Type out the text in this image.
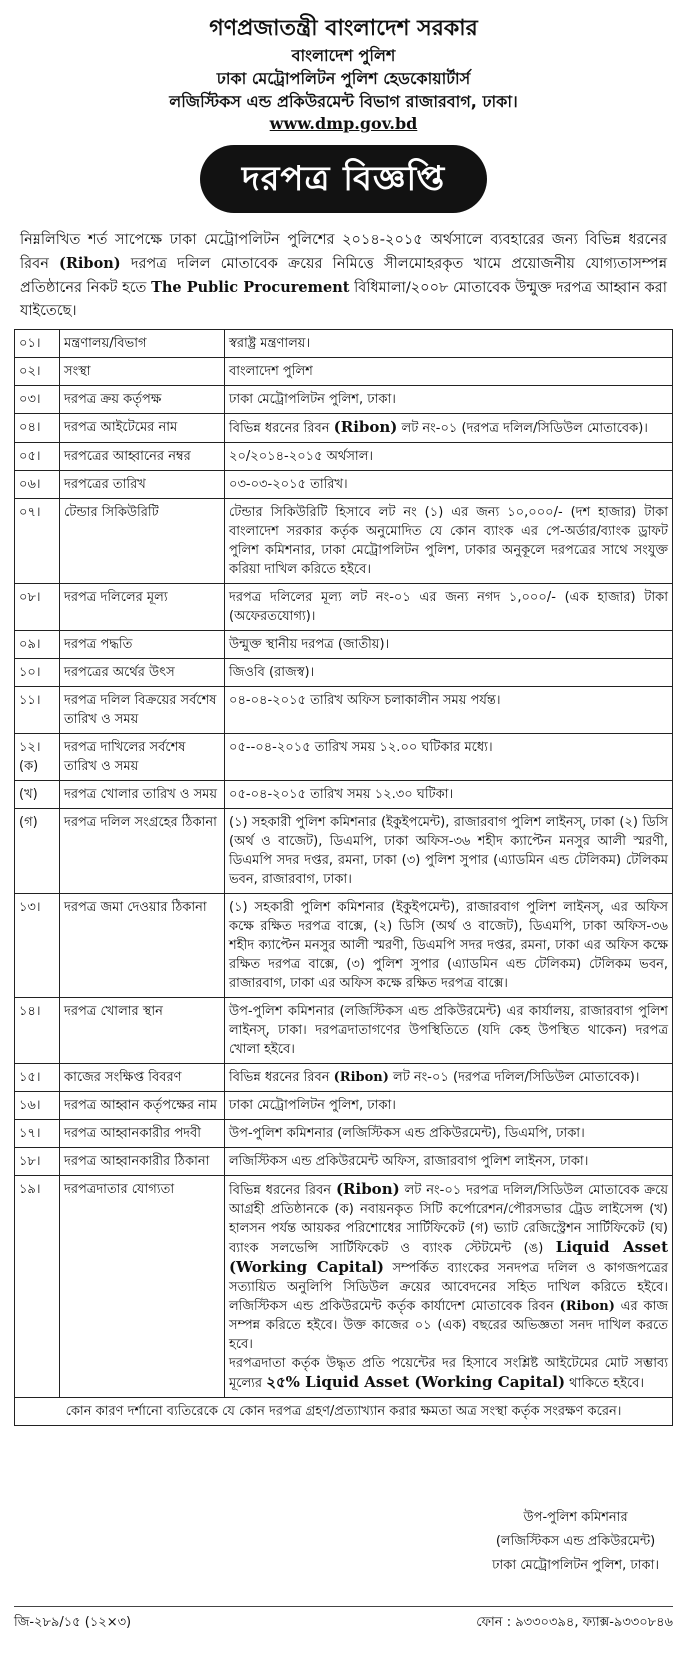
গণপ্রজাতন্ত্রী বাংলাদেশ সরকার
বাংলাদেশ পুলিশ
ঢাকা মেট্রোপলিটন পুলিশ হেডকোয়ার্টার্স
লজিস্টিকস এন্ড প্রকিউরমেন্ট বিভাগ রাজারবাগ, ঢাকা।
www.dmp.gov.bd
দরপত্র বিজ্ঞপ্তি
নিম্নলিখিত শর্ত সাপেক্ষে ঢাকা মেট্রোপলিটন পুলিশের ২০১৪-২০১৫ অর্থসালে ব্যবহারের জন্য বিভিন্ন ধরনের রিবন (Ribon) দরপত্র দলিল মোতাবেক ক্রয়ের নিমিত্তে সীলমোহরকৃত খামে প্রয়োজনীয় যোগ্যতাসম্পন্ন প্রতিষ্ঠানের নিকট হতে The Public Procurement বিধিমালা/২০০৮ মোতাবেক উন্মুক্ত দরপত্র আহ্বান করা যাইতেছে।
০১।	মন্ত্রণালয়/বিভাগ	স্বরাষ্ট্র মন্ত্রণালয়।
০২।	সংস্থা	বাংলাদেশ পুলিশ
০৩।	দরপত্র ক্রয় কর্তৃপক্ষ	ঢাকা মেট্রোপলিটন পুলিশ, ঢাকা।
০৪।	দরপত্র আইটেমের নাম	বিভিন্ন ধরনের রিবন (Ribon) লট নং-০১ (দরপত্র দলিল/সিডিউল মোতাবেক)।
০৫।	দরপত্রের আহ্বানের নম্বর	২০/২০১৪-২০১৫ অর্থসাল।
০৬।	দরপত্রের তারিখ	০৩-০৩-২০১৫ তারিখ।
০৭।	টেন্ডার সিকিউরিটি	টেন্ডার সিকিউরিটি হিসাবে লট নং (১) এর জন্য ১০,০০০/- (দশ হাজার) টাকা বাংলাদেশ সরকার কর্তৃক অনুমোদিত যে কোন ব্যাংক এর পে-অর্ডার/ব্যাংক ড্রাফট পুলিশ কমিশনার, ঢাকা মেট্রোপলিটন পুলিশ, ঢাকার অনুকূলে দরপত্রের সাথে সংযুক্ত করিয়া দাখিল করিতে হইবে।
০৮।	দরপত্র দলিলের মূল্য	দরপত্র দলিলের মূল্য লট নং-০১ এর জন্য নগদ ১,০০০/- (এক হাজার) টাকা (অফেরতযোগ্য)।
০৯।	দরপত্র পদ্ধতি	উন্মুক্ত স্থানীয় দরপত্র (জাতীয়)।
১০।	দরপত্রের অর্থের উৎস	জিওবি (রাজস্ব)।
১১।	দরপত্র দলিল বিক্রয়ের সর্বশেষ তারিখ ও সময়	০৪-০৪-২০১৫ তারিখ অফিস চলাকালীন সময় পর্যন্ত।
১২। (ক)	দরপত্র দাখিলের সর্বশেষ তারিখ ও সময়	০৫--০৪-২০১৫ তারিখ সময় ১২.০০ ঘটিকার মধ্যে।
(খ)	দরপত্র খোলার তারিখ ও সময়	০৫-০৪-২০১৫ তারিখ সময় ১২.৩০ ঘটিকা।
(গ)	দরপত্র দলিল সংগ্রহের ঠিকানা	(১) সহকারী পুলিশ কমিশনার (ইকুইপমেন্ট), রাজারবাগ পুলিশ লাইনস্, ঢাকা (২) ডিসি (অর্থ ও বাজেট), ডিএমপি, ঢাকা অফিস-৩৬ শহীদ ক্যাপ্টেন মনসুর আলী স্মরণী, ডিএমপি সদর দপ্তর, রমনা, ঢাকা (৩) পুলিশ সুপার (এ্যাডমিন এন্ড টেলিকম) টেলিকম ভবন, রাজারবাগ, ঢাকা।
১৩।	দরপত্র জমা দেওয়ার ঠিকানা	(১) সহকারী পুলিশ কমিশনার (ইকুইপমেন্ট), রাজারবাগ পুলিশ লাইনস্, এর অফিস কক্ষে রক্ষিত দরপত্র বাক্সে, (২) ডিসি (অর্থ ও বাজেট), ডিএমপি, ঢাকা অফিস-৩৬ শহীদ ক্যাপ্টেন মনসুর আলী স্মরণী, ডিএমপি সদর দপ্তর, রমনা, ঢাকা এর অফিস কক্ষে রক্ষিত দরপত্র বাক্সে, (৩) পুলিশ সুপার (এ্যাডমিন এন্ড টেলিকম) টেলিকম ভবন, রাজারবাগ, ঢাকা এর অফিস কক্ষে রক্ষিত দরপত্র বাক্সে।
১৪।	দরপত্র খোলার স্থান	উপ-পুলিশ কমিশনার (লজিস্টিকস এন্ড প্রকিউরমেন্ট) এর কার্যালয়, রাজারবাগ পুলিশ লাইনস্, ঢাকা। দরপত্রদাতাগণের উপস্থিতিতে (যদি কেহ উপস্থিত থাকেন) দরপত্র খোলা হইবে।
১৫।	কাজের সংক্ষিপ্ত বিবরণ	বিভিন্ন ধরনের রিবন (Ribon) লট নং-০১ (দরপত্র দলিল/সিডিউল মোতাবেক)।
১৬।	দরপত্র আহ্বান কর্তৃপক্ষের নাম	ঢাকা মেট্রোপলিটন পুলিশ, ঢাকা।
১৭।	দরপত্র আহ্বানকারীর পদবী	উপ-পুলিশ কমিশনার (লজিস্টিকস এন্ড প্রকিউরমেন্ট), ডিএমপি, ঢাকা।
১৮।	দরপত্র আহ্বানকারীর ঠিকানা	লজিস্টিকস এন্ড প্রকিউরমেন্ট অফিস, রাজারবাগ পুলিশ লাইনস, ঢাকা।
১৯।	দরপত্রদাতার যোগ্যতা	বিভিন্ন ধরনের রিবন (Ribon) লট নং-০১ দরপত্র দলিল/সিডিউল মোতাবেক ক্রয়ে আগ্রহী প্রতিষ্ঠানকে (ক) নবায়নকৃত সিটি কর্পোরেশন/পৌরসভার ট্রেড লাইসেন্স (খ) হালসন পর্যন্ত আয়কর পরিশোধের সার্টিফিকেট (গ) ভ্যাট রেজিস্ট্রেশন সার্টিফিকেট (ঘ) ব্যাংক সলভেন্সি সার্টিফিকেট ও ব্যাংক স্টেটমেন্ট (ঙ) Liquid Asset (Working Capital) সম্পর্কিত ব্যাংকের সনদপত্র দলিল ও কাগজপত্রের সত্যায়িত অনুলিপি সিডিউল ক্রয়ের আবেদনের সহিত দাখিল করিতে হইবে। লজিস্টিকস এন্ড প্রকিউরমেন্ট কর্তৃক কার্যাদেশ মোতাবেক রিবন (Ribon) এর কাজ সম্পন্ন করিতে হইবে। উক্ত কাজের ০১ (এক) বছরের অভিজ্ঞতা সনদ দাখিল করতে হবে।
দরপত্রদাতা কর্তৃক উদ্ধৃত প্রতি পয়েন্টের দর হিসাবে সংশ্লিষ্ট আইটেমের মোট সম্ভাব্য মূল্যের ২৫% Liquid Asset (Working Capital) থাকিতে হইবে।

কোন কারণ দর্শানো ব্যতিরেকে যে কোন দরপত্র গ্রহণ/প্রত্যাখ্যান করার ক্ষমতা অত্র সংস্থা কর্তৃক সংরক্ষণ করেন।		
উপ-পুলিশ কমিশনার
(লজিস্টিকস এন্ড প্রকিউরমেন্ট)
ঢাকা মেট্রোপলিটন পুলিশ, ঢাকা।
জি-২৮৯/১৫ (১২×৩)	ফোন : ৯৩৩০৩৯৪, ফ্যাক্স-৯৩৩০৮৪৬
